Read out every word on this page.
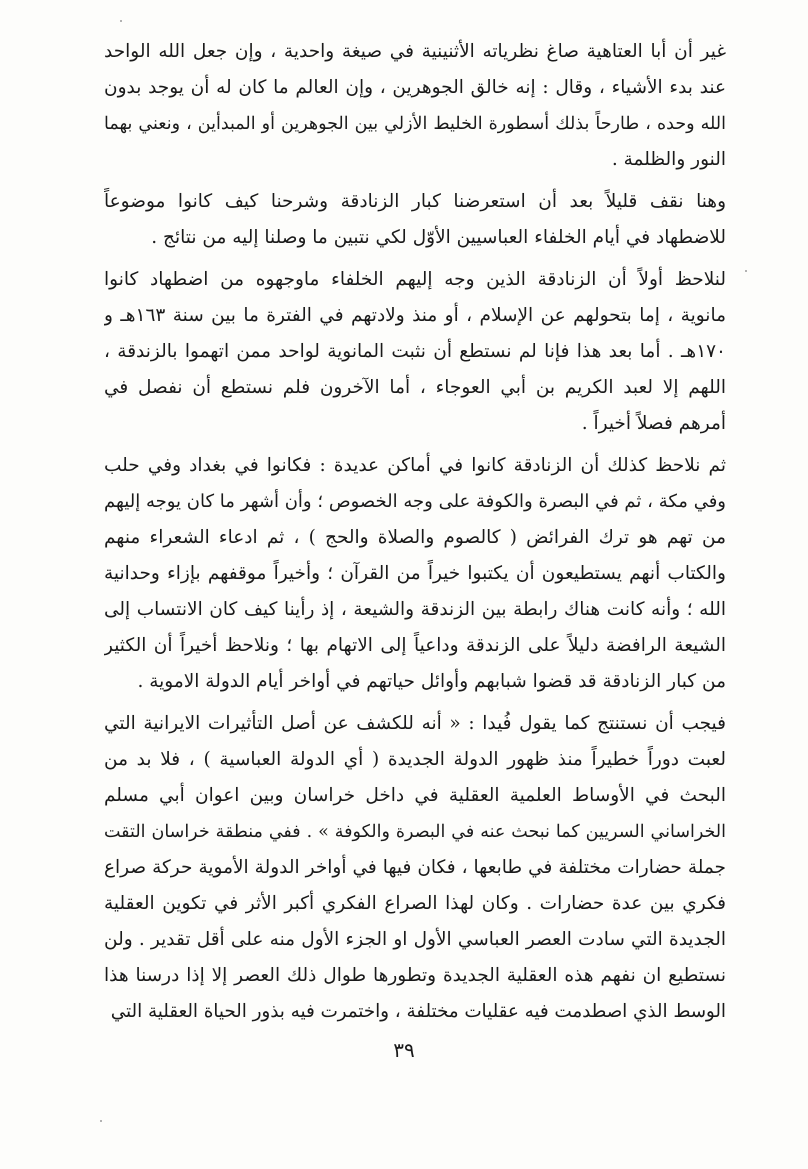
غير أن أبا العتاهية صاغ نظرياته الأثنينية في صيغة واحدية ، وإن جعل الله الواحد
عند بدء الأشياء ، وقال : إنه خالق الجوهرين ، وإن العالم ما كان له أن يوجد بدون
الله وحده ، طارحاً بذلك أسطورة الخليط الأزلي بين الجوهرين أو المبدأين ، ونعني بهما
النور والظلمة .
وهنا نقف قليلاً بعد أن استعرضنا كبار الزنادقة وشرحنا كيف كانوا موضوعاً
للاضطهاد في أيام الخلفاء العباسيين الأوّل لكي نتبين ما وصلنا إليه من نتائج .
لنلاحظ أولاً أن الزنادقة الذين وجه إليهم الخلفاء ماوجهوه من اضطهاد كانوا
مانوية ، إما بتحولهم عن الإسلام ، أو منذ ولادتهم في الفترة ما بين سنة ١٦٣هـ و
١٧٠هـ . أما بعد هذا فإنا لم نستطع أن نثبت المانوية لواحد ممن اتهموا بالزندقة ،
اللهم إلا لعبد الكريم بن أبي العوجاء ، أما الآخرون فلم نستطع أن نفصل في
أمرهم فصلاً أخيراً .
ثم نلاحظ كذلك أن الزنادقة كانوا في أماكن عديدة : فكانوا في بغداد وفي حلب
وفي مكة ، ثم في البصرة والكوفة على وجه الخصوص ؛ وأن أشهر ما كان يوجه إليهم
من تهم هو ترك الفرائض ( كالصوم والصلاة والحج ) ، ثم ادعاء الشعراء منهم
والكتاب أنهم يستطيعون أن يكتبوا خيراً من القرآن ؛ وأخيراً موقفهم بإزاء وحدانية
الله ؛ وأنه كانت هناك رابطة بين الزندقة والشيعة ، إذ رأينا كيف كان الانتساب إلى
الشيعة الرافضة دليلاً على الزندقة وداعياً إلى الاتهام بها ؛ ونلاحظ أخيراً أن الكثير
من كبار الزنادقة قد قضوا شبابهم وأوائل حياتهم في أواخر أيام الدولة الاموية .
فيجب أن نستنتج كما يقول فُيدا : « أنه للكشف عن أصل التأثيرات الايرانية التي
لعبت دوراً خطيراً منذ ظهور الدولة الجديدة ( أي الدولة العباسية ) ، فلا بد من
البحث في الأوساط العلمية العقلية في داخل خراسان وبين اعوان أبي مسلم
الخراساني السريين كما نبحث عنه في البصرة والكوفة » . ففي منطقة خراسان التقت
جملة حضارات مختلفة في طابعها ، فكان فيها في أواخر الدولة الأموية حركة صراع
فكري بين عدة حضارات . وكان لهذا الصراع الفكري أكبر الأثر في تكوين العقلية
الجديدة التي سادت العصر العباسي الأول او الجزء الأول منه على أقل تقدير . ولن
نستطيع ان نفهم هذه العقلية الجديدة وتطورها طوال ذلك العصر إلا إذا درسنا هذا
الوسط الذي اصطدمت فيه عقليات مختلفة ، واختمرت فيه بذور الحياة العقلية التي
٣٩
